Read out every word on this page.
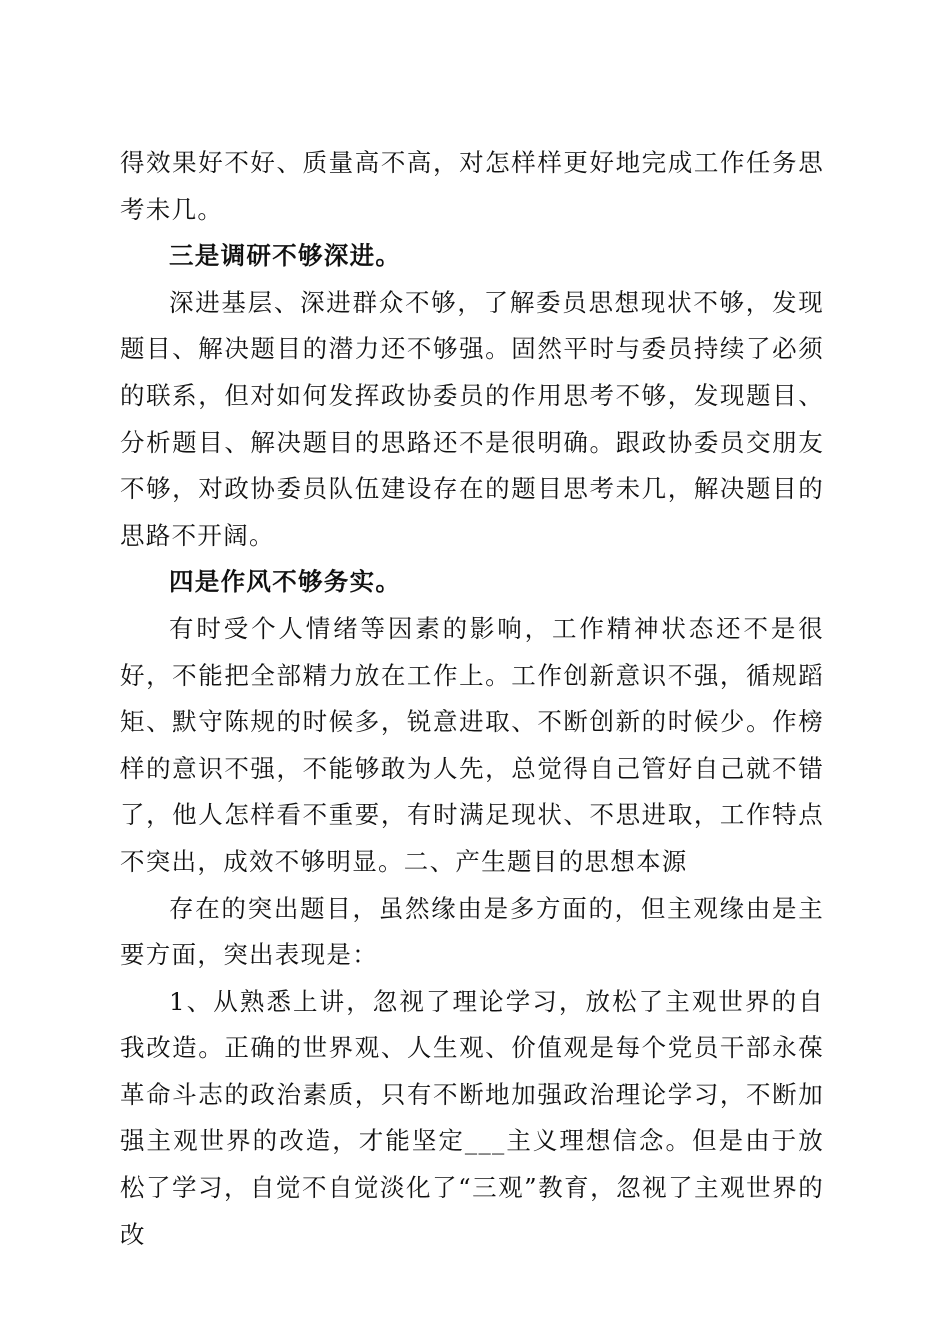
得效果好不好、质量高不高，对怎样样更好地完成工作任务思考未几。

三是调研不够深进。

深进基层、深进群众不够，了解委员思想现状不够，发现题目、解决题目的潜力还不够强。固然平时与委员持续了必须的联系，但对如何发挥政协委员的作用思考不够，发现题目、分析题目、解决题目的思路还不是很明确。跟政协委员交朋友不够，对政协委员队伍建设存在的题目思考未几，解决题目的思路不开阔。

四是作风不够务实。

有时受个人情绪等因素的影响，工作精神状态还不是很好，不能把全部精力放在工作上。工作创新意识不强，循规蹈矩、默守陈规的时候多，锐意进取、不断创新的时候少。作榜样的意识不强，不能够敢为人先，总觉得自己管好自己就不错了，他人怎样看不重要，有时满足现状、不思进取，工作特点不突出，成效不够明显。二、产生题目的思想本源

存在的突出题目，虽然缘由是多方面的，但主观缘由是主要方面，突出表现是：

1、从熟悉上讲，忽视了理论学习，放松了主观世界的自我改造。正确的世界观、人生观、价值观是每个党员干部永葆革命斗志的政治素质，只有不断地加强政治理论学习，不断加强主观世界的改造，才能坚定___主义理想信念。但是由于放松了学习，自觉不自觉淡化了“三观”教育，忽视了主观世界的改
